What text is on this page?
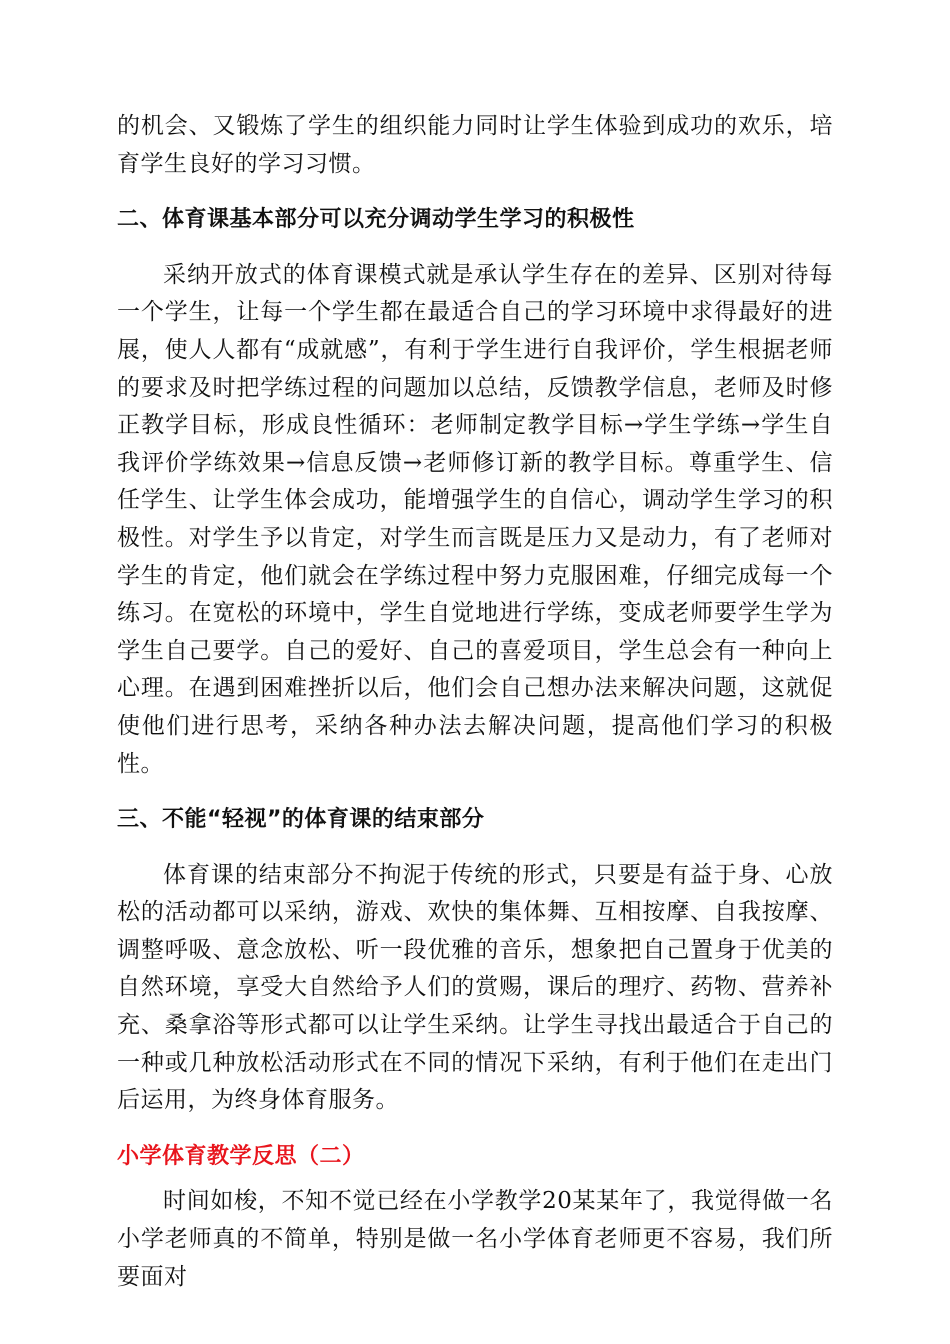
的机会、又锻炼了学生的组织能力同时让学生体验到成功的欢乐，培育学生良好的学习习惯。

二、体育课基本部分可以充分调动学生学习的积极性

采纳开放式的体育课模式就是承认学生存在的差异、区别对待每一个学生，让每一个学生都在最适合自己的学习环境中求得最好的进展，使人人都有“成就感”，有利于学生进行自我评价，学生根据老师的要求及时把学练过程的问题加以总结，反馈教学信息，老师及时修正教学目标，形成良性循环：老师制定教学目标→学生学练→学生自我评价学练效果→信息反馈→老师修订新的教学目标。尊重学生、信任学生、让学生体会成功，能增强学生的自信心，调动学生学习的积极性。对学生予以肯定，对学生而言既是压力又是动力，有了老师对学生的肯定，他们就会在学练过程中努力克服困难，仔细完成每一个练习。在宽松的环境中，学生自觉地进行学练，变成老师要学生学为学生自己要学。自己的爱好、自己的喜爱项目，学生总会有一种向上心理。在遇到困难挫折以后，他们会自己想办法来解决问题，这就促使他们进行思考，采纳各种办法去解决问题，提高他们学习的积极性。

三、不能“轻视”的体育课的结束部分

体育课的结束部分不拘泥于传统的形式，只要是有益于身、心放松的活动都可以采纳，游戏、欢快的集体舞、互相按摩、自我按摩、调整呼吸、意念放松、听一段优雅的音乐，想象把自己置身于优美的自然环境，享受大自然给予人们的赏赐，课后的理疗、药物、营养补充、桑拿浴等形式都可以让学生采纳。让学生寻找出最适合于自己的一种或几种放松活动形式在不同的情况下采纳，有利于他们在走出门后运用，为终身体育服务。

小学体育教学反思（二）

时间如梭，不知不觉已经在小学教学20某某年了，我觉得做一名小学老师真的不简单，特别是做一名小学体育老师更不容易，我们所要面对
